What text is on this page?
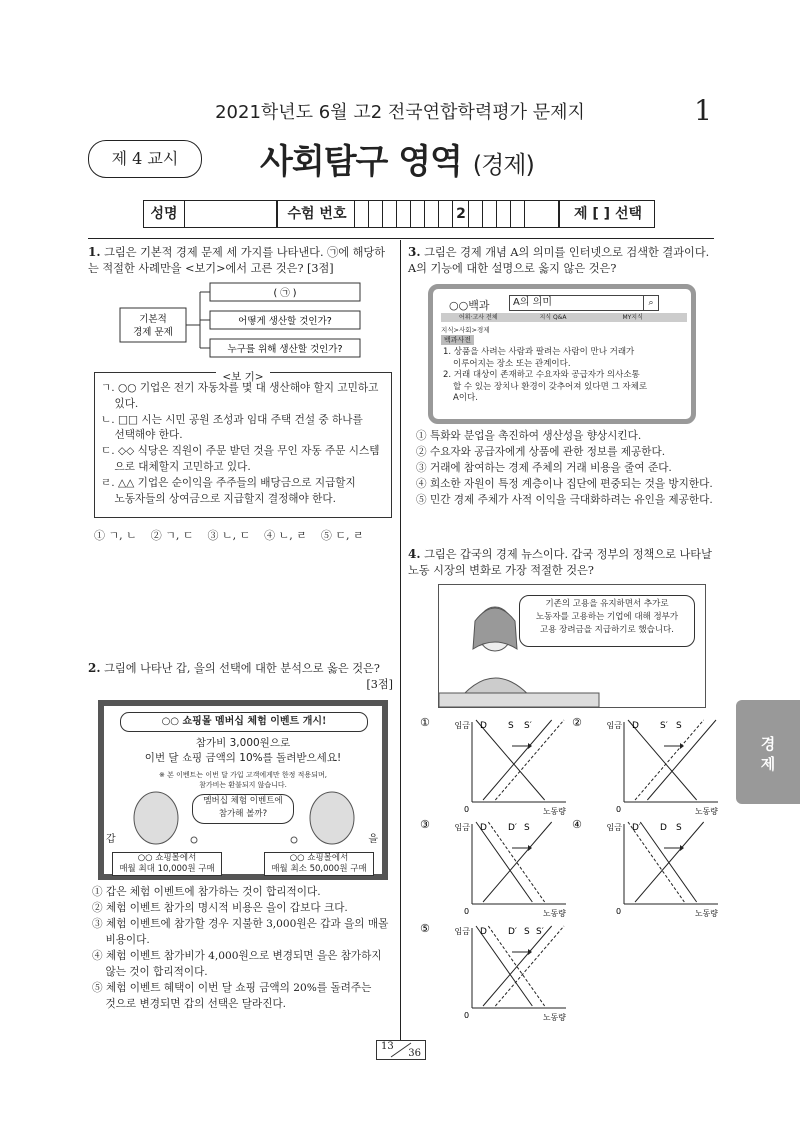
2021학년도 6월 고2 전국연합학력평가 문제지	1
제 4 교시	사회탐구 영역 (경제)
성명	수험 번호	2	제 [ ] 선택
1. 그림은 기본적 경제 문제 세 가지를 나타낸다. ㉠에 해당하
는 적절한 사례만을 <보기>에서 고른 것은? [3점]
기본적
경제 문제
( ㉠ )
어떻게 생산할 것인가?
누구를 위해 생산할 것인가?
<보 기>
ㄱ. ○○ 기업은 전기 자동차를 몇 대 생산해야 할지 고민하고
있다.
ㄴ. □□ 시는 시민 공원 조성과 임대 주택 건설 중 하나를
선택해야 한다.
ㄷ. ◇◇ 식당은 직원이 주문 받던 것을 무인 자동 주문 시스템
으로 대체할지 고민하고 있다.
ㄹ. △△ 기업은 순이익을 주주들의 배당금으로 지급할지
노동자들의 상여금으로 지급할지 결정해야 한다.
① ㄱ, ㄴ    ② ㄱ, ㄷ    ③ ㄴ, ㄷ    ④ ㄴ, ㄹ    ⑤ ㄷ, ㄹ
2. 그림에 나타난 갑, 을의 선택에 대한 분석으로 옳은 것은?
[3점]
○○ 쇼핑몰 멤버십 체험 이벤트 개시!
참가비 3,000원으로
이번 달 쇼핑 금액의 10%를 돌려받으세요!
※ 본 이벤트는 이번 달 가입 고객에게만 한정 적용되며,
참가비는 환불되지 않습니다.
멤버십 체험 이벤트에
참가해 볼까?
갑	을
○○ 쇼핑몰에서
매월 최대 10,000원 구매
○○ 쇼핑몰에서
매월 최소 50,000원 구매
① 갑은 체험 이벤트에 참가하는 것이 합리적이다.
② 체험 이벤트 참가의 명시적 비용은 을이 갑보다 크다.
③ 체험 이벤트에 참가할 경우 지불한 3,000원은 갑과 을의 매몰
비용이다.
④ 체험 이벤트 참가비가 4,000원으로 변경되면 을은 참가하지
않는 것이 합리적이다.
⑤ 체험 이벤트 혜택이 이번 달 쇼핑 금액의 20%를 돌려주는
것으로 변경되면 갑의 선택은 달라진다.
3. 그림은 경제 개념 A의 의미를 인터넷으로 검색한 결과이다.
A의 기능에 대한 설명으로 옳지 않은 것은?
○○백과	A의 의미	⌕
어휘·고사 전체	지식 Q&A	MY지식
지식>사회>경제
백과사전
1. 상품을 사려는 사람과 팔려는 사람이 만나 거래가
이루어지는 장소 또는 관계이다.
2. 거래 대상이 존재하고 수요자와 공급자가 의사소통
할 수 있는 장치나 환경이 갖추어져 있다면 그 자체로
A이다.
① 특화와 분업을 촉진하여 생산성을 향상시킨다.
② 수요자와 공급자에게 상품에 관한 정보를 제공한다.
③ 거래에 참여하는 경제 주체의 거래 비용을 줄여 준다.
④ 희소한 자원이 특정 계층이나 집단에 편중되는 것을 방지한다.
⑤ 민간 경제 주체가 사적 이익을 극대화하려는 유인을 제공한다.
4. 그림은 갑국의 경제 뉴스이다. 갑국 정부의 정책으로 나타날
노동 시장의 변화로 가장 적절한 것은?
기존의 고용을 유지하면서 추가로
노동자를 고용하는 기업에 대해 정부가
고용 장려금을 지급하기로 했습니다.
①	임금
노동량
0
D S S′	②	임금
노동량
0
D S′ S
③	임금
노동량
0
D D′ S	④	임금
노동량
0
D′ D S
⑤	임금
노동량
0
D D′ S S′
13
36
경
제
